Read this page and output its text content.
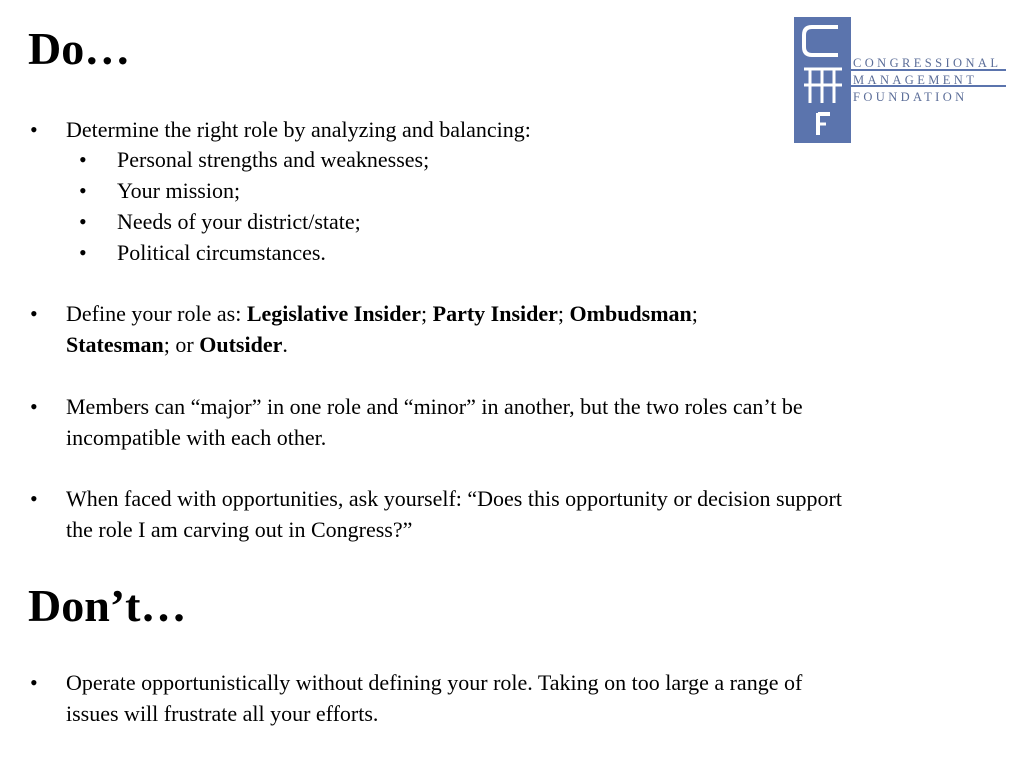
Do…
• Determine the right role by analyzing and balancing:
• Personal strengths and weaknesses;
• Your mission;
• Needs of your district/state;
• Political circumstances.
• Define your role as: Legislative Insider; Party Insider; Ombudsman;
Statesman; or Outsider.
• Members can “major” in one role and “minor” in another, but the two roles can’t be incompatible with each other.
• When faced with opportunities, ask yourself: “Does this opportunity or decision support the role I am carving out in Congress?”
Don’t…
• Operate opportunistically without defining your role. Taking on too large a range of issues will frustrate all your efforts.
CONGRESSIONAL
MANAGEMENT
FOUNDATION
